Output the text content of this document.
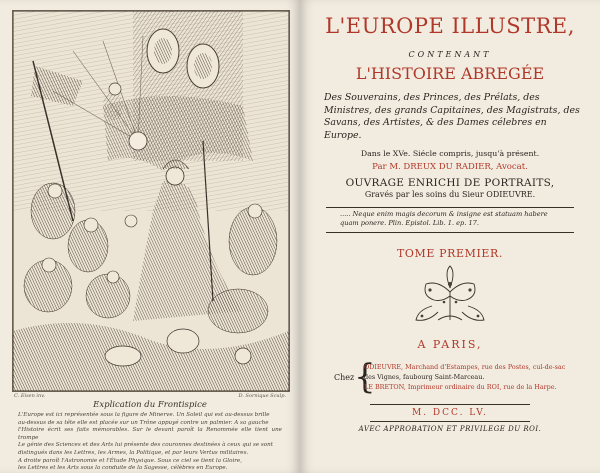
C. Eisen inv.	D. Sornique Sculp.
Explication du Frontispice
L'Europe est ici représentée sous la figure de Minerve. Un Soleil qui est au-dessus brille
au-dessus de sa tête elle est placée sur un Trône appuyé contre un palmier. A sa gauche
l'Histoire écrit ses faits mémorables. Sur le devant paroît la Renommée elle tient une trompe
Le génie des Sciences et des Arts lui présente des couronnes destinées à ceux qui se sont
distingués dans les Lettres, les Armes, la Politique, et par leurs Vertus militaires.
A droite paroît l'Astronomie et l'Étude Physique. Sous ce ciel se tient la Gloire,
les Lettres et les Arts sous la conduite de la Sagesse, célèbres en Europe.
L'EUROPE ILLUSTRE,
CONTENANT
L'HISTOIRE ABREGÉE
Des Souverains, des Princes, des Prélats, des Ministres, des grands Capitaines, des Magistrats, des Savans, des Artistes, & des Dames célebres en Europe.
Dans le XVe. Siécle compris, jusqu'à présent.
Par M. DREUX DU RADIER, Avocat.
OUVRAGE ENRICHI DE PORTRAITS,
Gravés par les soins du Sieur ODIEUVRE.
..... Neque enim magis decorum & insigne est statuam habere quam ponere. Plin. Epistol. Lib. 1. ep. 17.
TOME PREMIER.
A PARIS,
Chez {
ODIEUVRE, Marchand d'Estampes, rue des Postes, cul-de-sac
des Vignes, faubourg Saint-Marceau.
LE BRETON, Imprimeur ordinaire du ROI, rue de la Harpe.
M. DCC. LV.
AVEC APPROBATION ET PRIVILEGE DU ROI.
